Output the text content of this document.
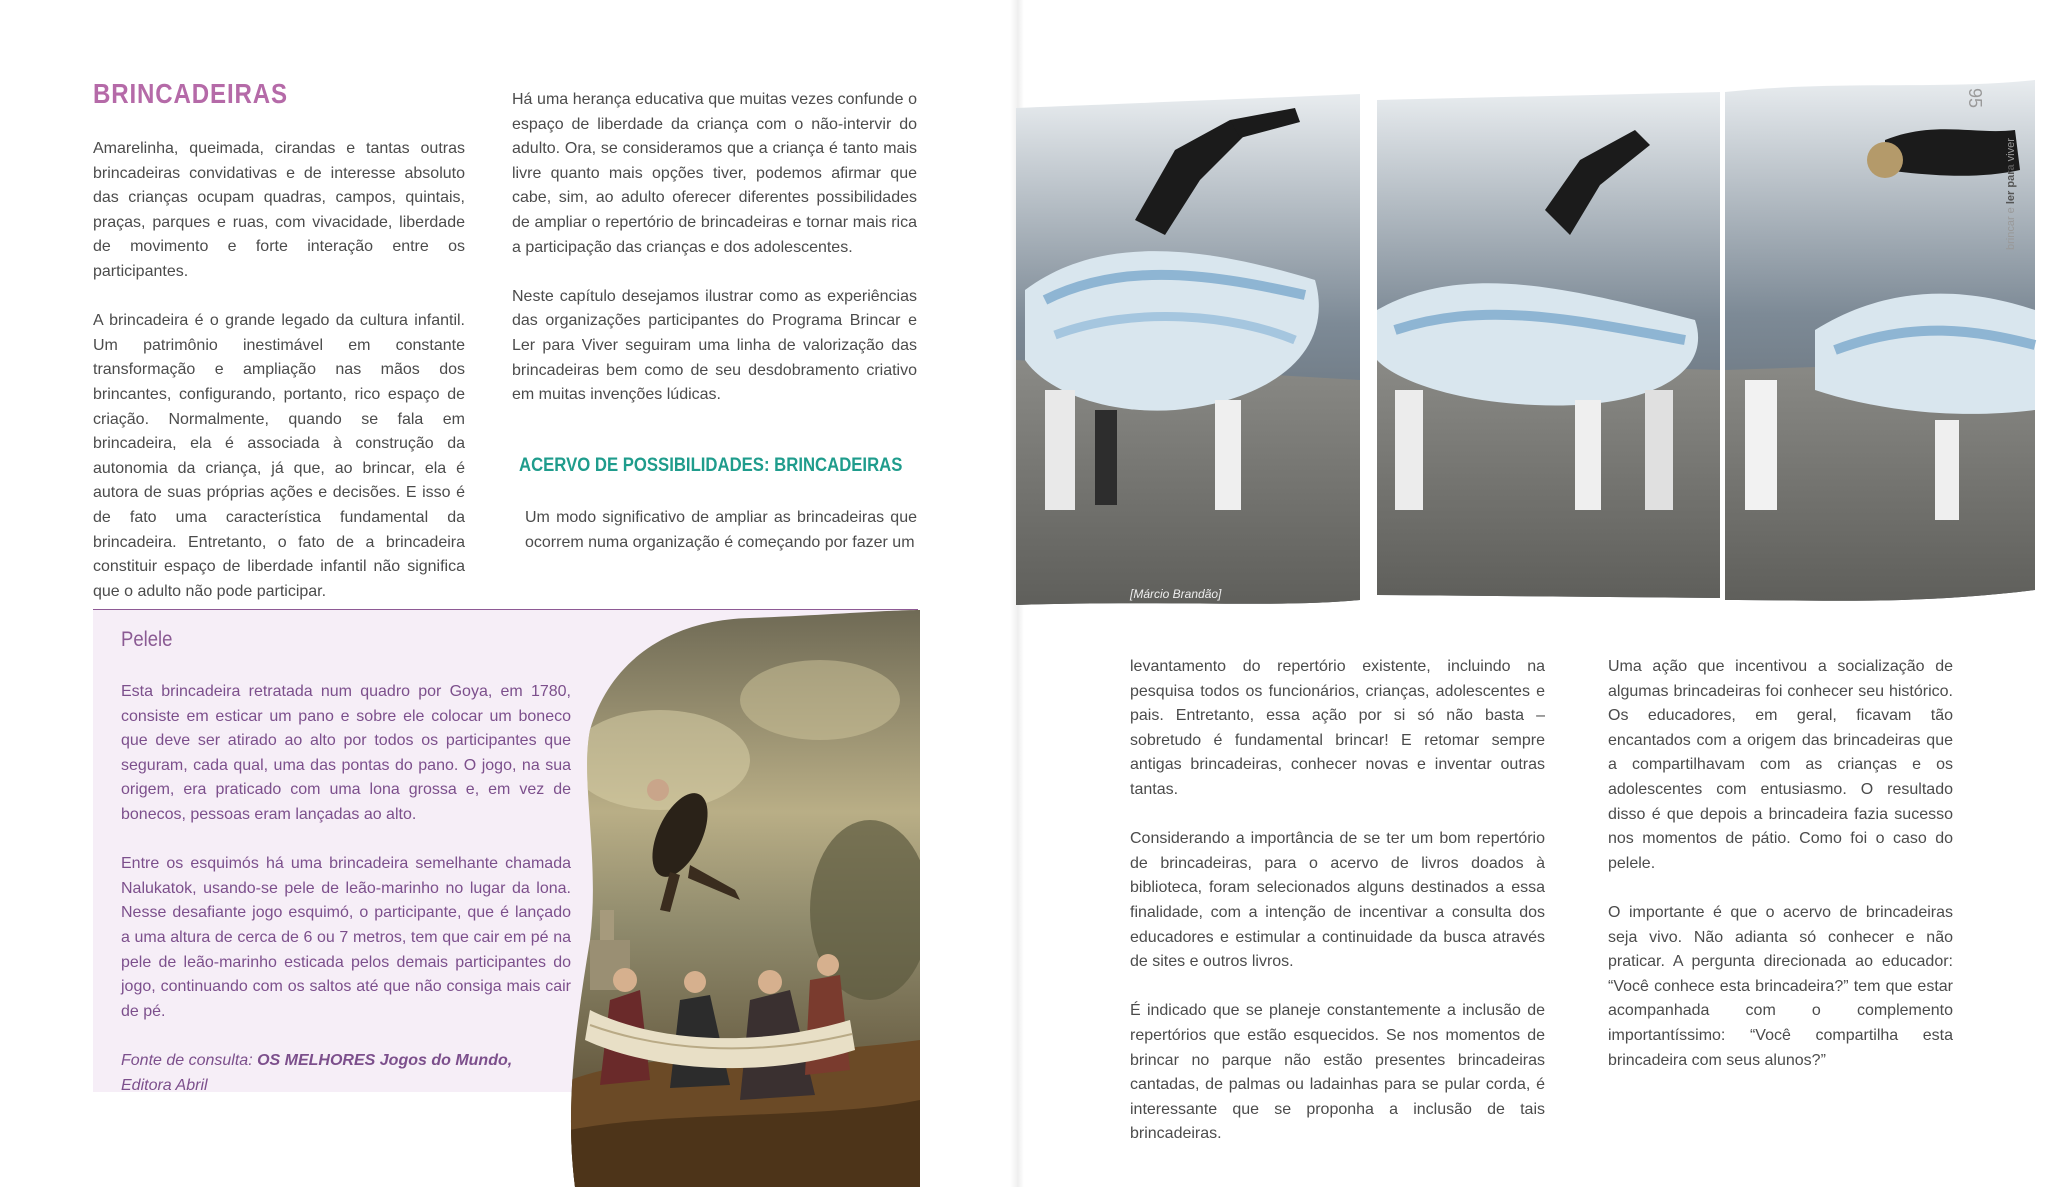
BRINCADEIRAS

Amarelinha, queimada, cirandas e tantas outras brincadeiras convidativas e de interesse absoluto das crianças ocupam quadras, campos, quintais, praças, parques e ruas, com vivacidade, liberdade de movimento e forte interação entre os participantes.

A brincadeira é o grande legado da cultura infantil. Um patrimônio inestimável em constante transformação e ampliação nas mãos dos brincantes, configurando, portanto, rico espaço de criação. Normalmente, quando se fala em brincadeira, ela é associada à construção da autonomia da criança, já que, ao brincar, ela é autora de suas próprias ações e decisões. E isso é de fato uma característica fundamental da brincadeira. Entretanto, o fato de a brincadeira constituir espaço de liberdade infantil não significa que o adulto não pode participar.

Há uma herança educativa que muitas vezes confunde o espaço de liberdade da criança com o não-intervir do adulto. Ora, se consideramos que a criança é tanto mais livre quanto mais opções tiver, podemos afirmar que cabe, sim, ao adulto oferecer diferentes possibilidades de ampliar o repertório de brincadeiras e tornar mais rica a participação das crianças e dos adolescentes.

Neste capítulo desejamos ilustrar como as experiências das organizações participantes do Programa Brincar e Ler para Viver seguiram uma linha de valorização das brincadeiras bem como de seu desdobramento criativo em muitas invenções lúdicas.

ACERVO DE POSSIBILIDADES: BRINCADEIRAS

Um modo significativo de ampliar as brincadeiras que ocorrem numa organização é começando por fazer um

Pelele

Esta brincadeira retratada num quadro por Goya, em 1780, consiste em esticar um pano e sobre ele colocar um boneco que deve ser atirado ao alto por todos os participantes que seguram, cada qual, uma das pontas do pano. O jogo, na sua origem, era praticado com uma lona grossa e, em vez de bonecos, pessoas eram lançadas ao alto.

Entre os esquimós há uma brincadeira semelhante chamada Nalukatok, usando-se pele de leão-marinho no lugar da lona. Nesse desafiante jogo esquimó, o participante, que é lançado a uma altura de cerca de 6 ou 7 metros, tem que cair em pé na pele de leão-marinho esticada pelos demais participantes do jogo, continuando com os saltos até que não consiga mais cair de pé.

Fonte de consulta: OS MELHORES Jogos do Mundo,
Editora Abril

[Márcio Brandão]
95
brincar e ler para viver

levantamento do repertório existente, incluindo na pesquisa todos os funcionários, crianças, adolescentes e pais. Entretanto, essa ação por si só não basta – sobretudo é fundamental brincar! E retomar sempre antigas brincadeiras, conhecer novas e inventar outras tantas.

Considerando a importância de se ter um bom repertório de brincadeiras, para o acervo de livros doados à biblioteca, foram selecionados alguns destinados a essa finalidade, com a intenção de incentivar a consulta dos educadores e estimular a continuidade da busca através de sites e outros livros.

É indicado que se planeje constantemente a inclusão de repertórios que estão esquecidos. Se nos momentos de brincar no parque não estão presentes brincadeiras cantadas, de palmas ou ladainhas para se pular corda, é interessante que se proponha a inclusão de tais brincadeiras.

Uma ação que incentivou a socialização de algumas brincadeiras foi conhecer seu histórico. Os educadores, em geral, ficavam tão encantados com a origem das brincadeiras que a compartilhavam com as crianças e os adolescentes com entusiasmo. O resultado disso é que depois a brincadeira fazia sucesso nos momentos de pátio. Como foi o caso do pelele.

O importante é que o acervo de brincadeiras seja vivo. Não adianta só conhecer e não praticar. A pergunta direcionada ao educador: “Você conhece esta brincadeira?” tem que estar acompanhada com o complemento importantíssimo: “Você compartilha esta brincadeira com seus alunos?”
